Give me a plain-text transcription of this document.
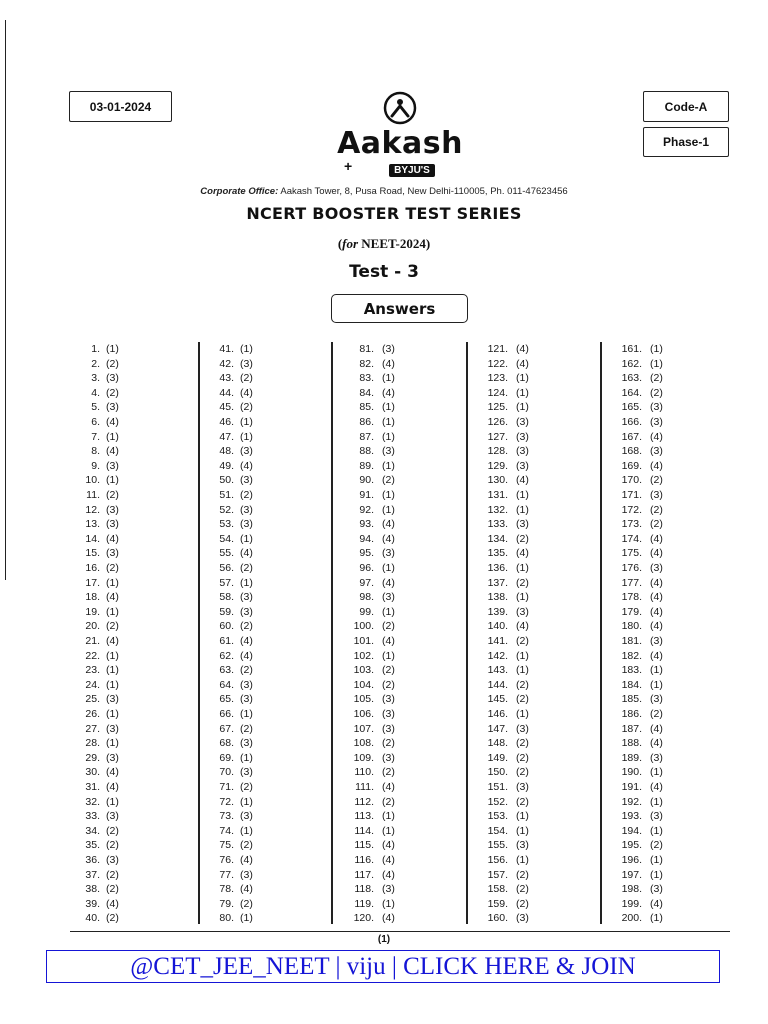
03-01-2024	Code-A
Phase-1
Aakash
+	BYJU'S
Corporate Office: Aakash Tower, 8, Pusa Road, New Delhi-110005, Ph. 011-47623456
NCERT BOOSTER TEST SERIES
(for NEET-2024)
Test - 3
Answers
1. (1)
2. (2)
3. (3)
4. (2)
5. (3)
6. (4)
7. (1)
8. (4)
9. (3)
10. (1)
11. (2)
12. (3)
13. (3)
14. (4)
15. (3)
16. (2)
17. (1)
18. (4)
19. (1)
20. (2)
21. (4)
22. (1)
23. (1)
24. (1)
25. (3)
26. (1)
27. (3)
28. (1)
29. (3)
30. (4)
31. (4)
32. (1)
33. (3)
34. (2)
35. (2)
36. (3)
37. (2)
38. (2)
39. (4)
40. (2)
41. (1)
42. (3)
43. (2)
44. (4)
45. (2)
46. (1)
47. (1)
48. (3)
49. (4)
50. (3)
51. (2)
52. (3)
53. (3)
54. (1)
55. (4)
56. (2)
57. (1)
58. (3)
59. (3)
60. (2)
61. (4)
62. (4)
63. (2)
64. (3)
65. (3)
66. (1)
67. (2)
68. (3)
69. (1)
70. (3)
71. (2)
72. (1)
73. (3)
74. (1)
75. (2)
76. (4)
77. (3)
78. (4)
79. (2)
80. (1)
81. (3)
82. (4)
83. (1)
84. (4)
85. (1)
86. (1)
87. (1)
88. (3)
89. (1)
90. (2)
91. (1)
92. (1)
93. (4)
94. (4)
95. (3)
96. (1)
97. (4)
98. (3)
99. (1)
100. (2)
101. (4)
102. (1)
103. (2)
104. (2)
105. (3)
106. (3)
107. (3)
108. (2)
109. (3)
110. (2)
111. (4)
112. (2)
113. (1)
114. (1)
115. (4)
116. (4)
117. (4)
118. (3)
119. (1)
120. (4)
121. (4)
122. (4)
123. (1)
124. (1)
125. (1)
126. (3)
127. (3)
128. (3)
129. (3)
130. (4)
131. (1)
132. (1)
133. (3)
134. (2)
135. (4)
136. (1)
137. (2)
138. (1)
139. (3)
140. (4)
141. (2)
142. (1)
143. (1)
144. (2)
145. (2)
146. (1)
147. (3)
148. (2)
149. (2)
150. (2)
151. (3)
152. (2)
153. (1)
154. (1)
155. (3)
156. (1)
157. (2)
158. (2)
159. (2)
160. (3)
161. (1)
162. (1)
163. (2)
164. (2)
165. (3)
166. (3)
167. (4)
168. (3)
169. (4)
170. (2)
171. (3)
172. (2)
173. (2)
174. (4)
175. (4)
176. (3)
177. (4)
178. (4)
179. (4)
180. (4)
181. (3)
182. (4)
183. (1)
184. (1)
185. (3)
186. (2)
187. (4)
188. (4)
189. (3)
190. (1)
191. (4)
192. (1)
193. (3)
194. (1)
195. (2)
196. (1)
197. (1)
198. (3)
199. (4)
200. (1)
(1)
@CET_JEE_NEET | viju | CLICK HERE & JOIN
